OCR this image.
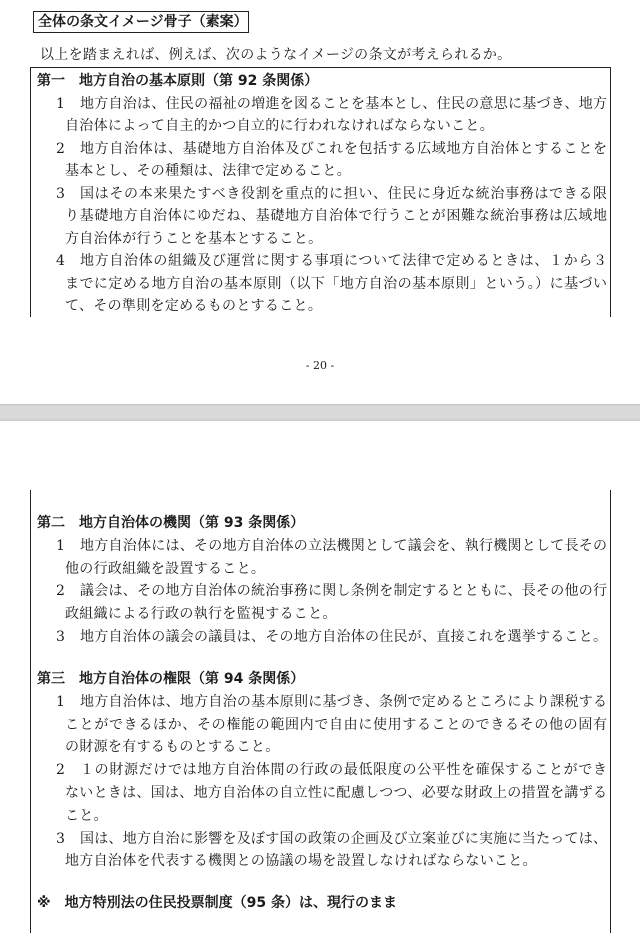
全体の条文イメージ骨子（素案）
以上を踏まえれば、例えば、次のようなイメージの条文が考えられるか。
第一　地方自治の基本原則（第 92 条関係）
1 地方自治は、住民の福祉の増進を図ることを基本とし、住民の意思に基づき、地方
自治体によって自主的かつ自立的に行われなければならないこと。
2 地方自治体は、基礎地方自治体及びこれを包括する広域地方自治体とすることを
基本とし、その種類は、法律で定めること。
3 国はその本来果たすべき役割を重点的に担い、住民に身近な統治事務はできる限
り基礎地方自治体にゆだね、基礎地方自治体で行うことが困難な統治事務は広域地
方自治体が行うことを基本とすること。
4 地方自治体の組織及び運営に関する事項について法律で定めるときは、１から３
までに定める地方自治の基本原則（以下「地方自治の基本原則」という。）に基づい
て、その準則を定めるものとすること。
- 20 -
第二　地方自治体の機関（第 93 条関係）
1 地方自治体には、その地方自治体の立法機関として議会を、執行機関として長その
他の行政組織を設置すること。
2 議会は、その地方自治体の統治事務に関し条例を制定するとともに、長その他の行
政組織による行政の執行を監視すること。
3 地方自治体の議会の議員は、その地方自治体の住民が、直接これを選挙すること。
第三　地方自治体の権限（第 94 条関係）
1 地方自治体は、地方自治の基本原則に基づき、条例で定めるところにより課税する
ことができるほか、その権能の範囲内で自由に使用することのできるその他の固有
の財源を有するものとすること。
2 １の財源だけでは地方自治体間の行政の最低限度の公平性を確保することができ
ないときは、国は、地方自治体の自立性に配慮しつつ、必要な財政上の措置を講ずる
こと。
3 国は、地方自治に影響を及ぼす国の政策の企画及び立案並びに実施に当たっては、
地方自治体を代表する機関との協議の場を設置しなければならないこと。
※　地方特別法の住民投票制度（95 条）は、現行のまま
